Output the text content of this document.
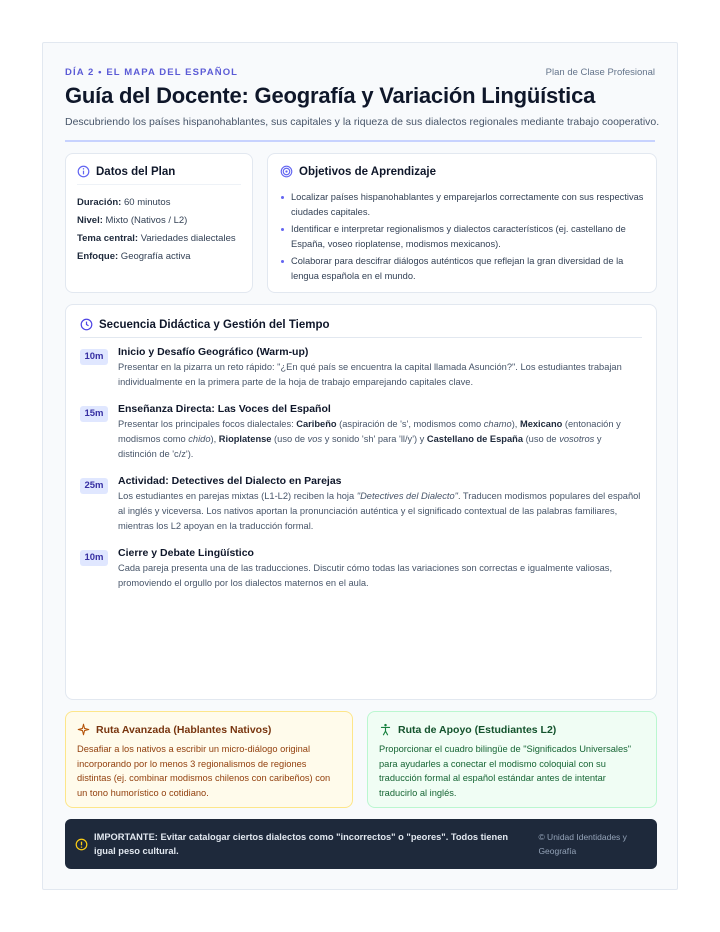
DÍA 2 • EL MAPA DEL ESPAÑOL	Plan de Clase Profesional
Guía del Docente: Geografía y Variación Lingüística
Descubriendo los países hispanohablantes, sus capitales y la riqueza de sus dialectos regionales mediante trabajo cooperativo.
Datos del Plan
Duración: 60 minutos
Nivel: Mixto (Nativos / L2)
Tema central: Variedades dialectales
Enfoque: Geografía activa
Objetivos de Aprendizaje
Localizar países hispanohablantes y emparejarlos correctamente con sus respectivas ciudades capitales.
Identificar e interpretar regionalismos y dialectos característicos (ej. castellano de España, voseo rioplatense, modismos mexicanos).
Colaborar para descifrar diálogos auténticos que reflejan la gran diversidad de la lengua española en el mundo.
Secuencia Didáctica y Gestión del Tiempo
10m	Inicio y Desafío Geográfico (Warm-up)
Presentar en la pizarra un reto rápido: "¿En qué país se encuentra la capital llamada Asunción?". Los estudiantes trabajan individualmente en la primera parte de la hoja de trabajo emparejando capitales clave.
15m	Enseñanza Directa: Las Voces del Español
Presentar los principales focos dialectales: Caribeño (aspiración de 's', modismos como chamo), Mexicano (entonación y modismos como chido), Rioplatense (uso de vos y sonido 'sh' para 'll/y') y Castellano de España (uso de vosotros y distinción de 'c/z').
25m	Actividad: Detectives del Dialecto en Parejas
Los estudiantes en parejas mixtas (L1-L2) reciben la hoja "Detectives del Dialecto". Traducen modismos populares del español al inglés y viceversa. Los nativos aportan la pronunciación auténtica y el significado contextual de las palabras familiares, mientras los L2 apoyan en la traducción formal.
10m	Cierre y Debate Lingüístico
Cada pareja presenta una de las traducciones. Discutir cómo todas las variaciones son correctas e igualmente valiosas, promoviendo el orgullo por los dialectos maternos en el aula.
Ruta Avanzada (Hablantes Nativos)

Desafiar a los nativos a escribir un micro-diálogo original incorporando por lo menos 3 regionalismos de regiones distintas (ej. combinar modismos chilenos con caribeños) con un tono humorístico o cotidiano.

Ruta de Apoyo (Estudiantes L2)

Proporcionar el cuadro bilingüe de "Significados Universales" para ayudarles a conectar el modismo coloquial con su traducción formal al español estándar antes de intentar traducirlo al inglés.

IMPORTANTE: Evitar catalogar ciertos dialectos como "incorrectos" o "peores". Todos tienen igual peso cultural.
© Unidad Identidades y Geografía
